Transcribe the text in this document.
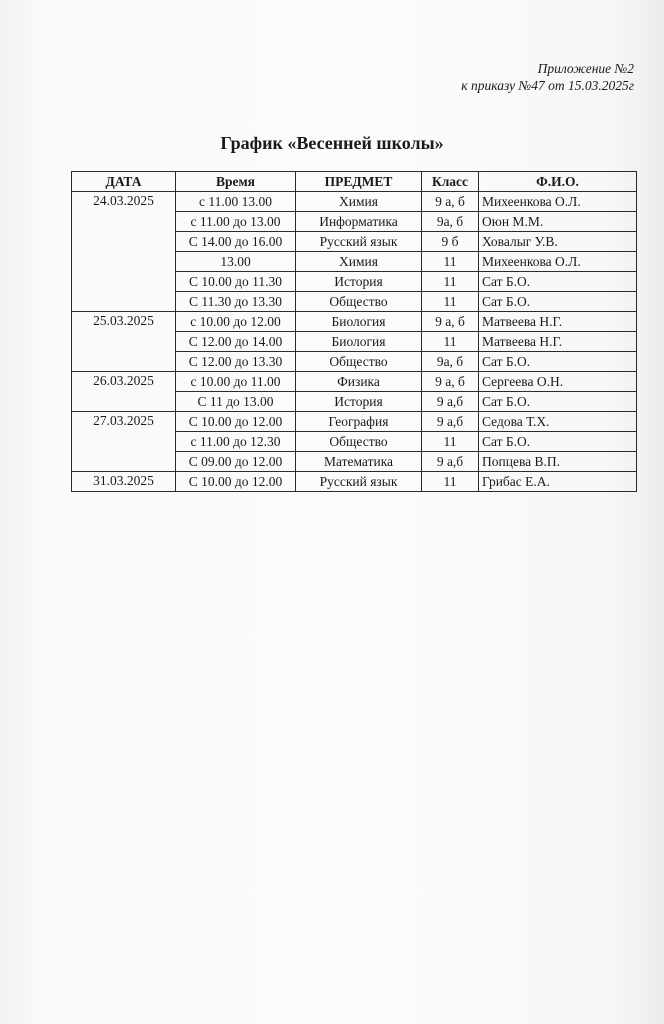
Приложение №2
к приказу №47 от 15.03.2025г
График «Весенней школы»
ДАТА	Время	ПРЕДМЕТ	Класс	Ф.И.О.
24.03.2025	с 11.00 13.00	Химия	9 а, б	Михеенкова О.Л.
	с 11.00 до 13.00	Информатика	9а, б	Оюн М.М.
	С 14.00 до 16.00	Русский язык	9 б	Ховалыг У.В.
	13.00	Химия	11	Михеенкова О.Л.
	С 10.00 до 11.30	История	11	Сат Б.О.
	С 11.30 до 13.30	Общество	11	Сат Б.О.
25.03.2025	с 10.00 до 12.00	Биология	9 а, б	Матвеева Н.Г.
	С 12.00 до 14.00	Биология	11	Матвеева Н.Г.
	С 12.00 до 13.30	Общество	9а, б	Сат Б.О.
26.03.2025	с 10.00 до 11.00	Физика	9 а, б	Сергеева О.Н.
	С 11 до 13.00	История	9 а,б	Сат Б.О.
27.03.2025	С 10.00 до 12.00	География	9 а,б	Седова Т.Х.
	с 11.00 до 12.30	Общество	11	Сат Б.О.
	С 09.00 до 12.00	Математика	9 а,б	Попцева В.П.
31.03.2025	С 10.00 до 12.00	Русский язык	11	Грибас Е.А.
